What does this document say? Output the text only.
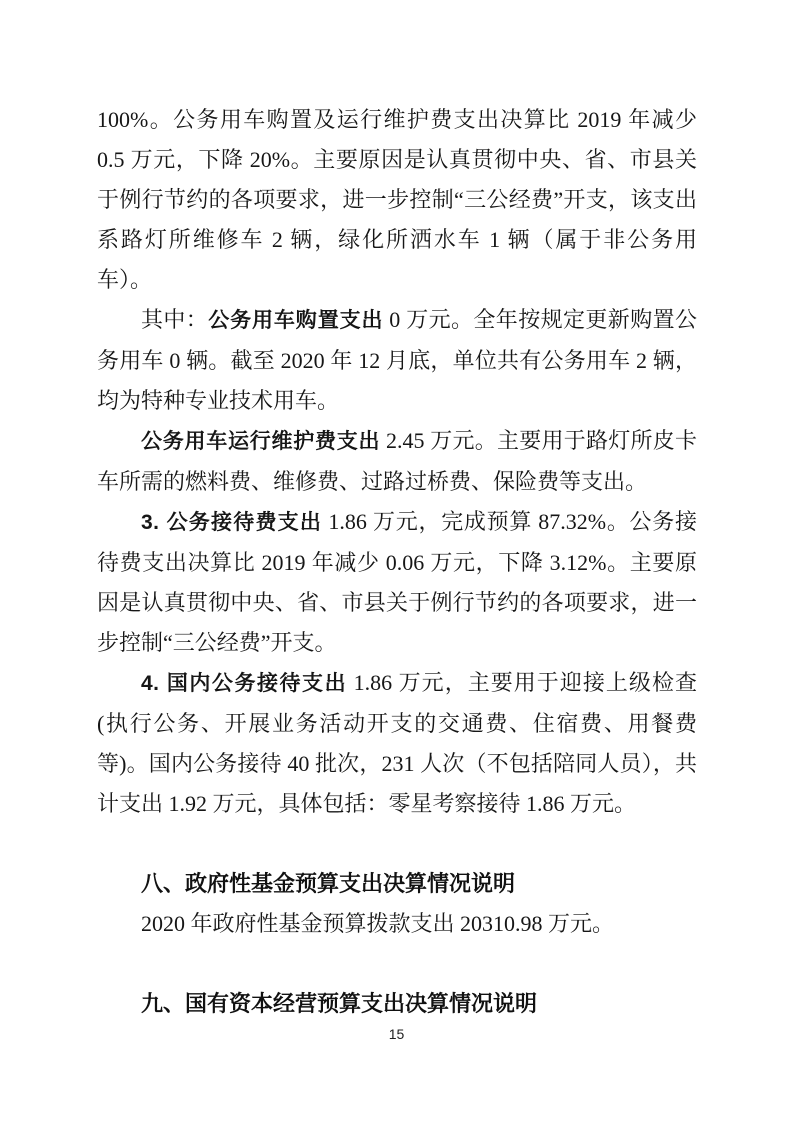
100%。公务用车购置及运行维护费支出决算比 2019 年减少 0.5 万元，下降 20%。主要原因是认真贯彻中央、省、市县关于例行节约的各项要求，进一步控制“三公经费”开支，该支出系路灯所维修车 2 辆，绿化所洒水车 1 辆（属于非公务用车）。

其中：公务用车购置支出 0 万元。全年按规定更新购置公务用车 0 辆。截至 2020 年 12 月底，单位共有公务用车 2 辆，均为特种专业技术用车。

公务用车运行维护费支出 2.45 万元。主要用于路灯所皮卡车所需的燃料费、维修费、过路过桥费、保险费等支出。

3. 公务接待费支出 1.86 万元，完成预算 87.32%。公务接待费支出决算比 2019 年减少 0.06 万元，下降 3.12%。主要原因是认真贯彻中央、省、市县关于例行节约的各项要求，进一步控制“三公经费”开支。

4. 国内公务接待支出 1.86 万元，主要用于迎接上级检查(执行公务、开展业务活动开支的交通费、住宿费、用餐费等)。国内公务接待 40 批次，231 人次（不包括陪同人员），共计支出 1.92 万元，具体包括：零星考察接待 1.86 万元。

八、政府性基金预算支出决算情况说明

2020 年政府性基金预算拨款支出 20310.98 万元。

九、国有资本经营预算支出决算情况说明

15
